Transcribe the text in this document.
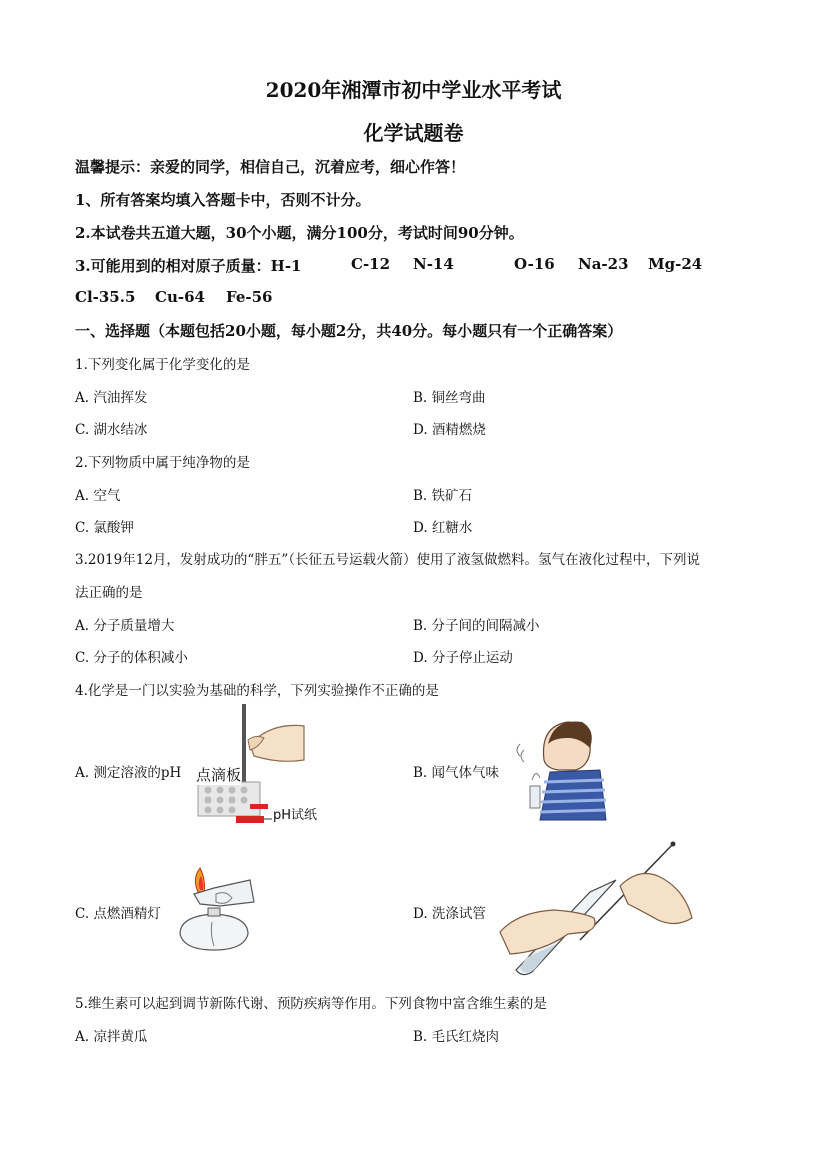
2020年湘潭市初中学业水平考试
化学试题卷
温馨提示：亲爱的同学，相信自己，沉着应考，细心作答！
1、所有答案均填入答题卡中，否则不计分。
2.本试卷共五道大题，30个小题，满分100分，考试时间90分钟。
3.可能用到的相对原子质量：H-1	C-12 N-14	O-16 Na-23 Mg-24
Cl-35.5 Cu-64 Fe-56
一、选择题（本题包括20小题，每小题2分，共40分。每小题只有一个正确答案）
1.下列变化属于化学变化的是
A. 汽油挥发	B. 铜丝弯曲
C. 湖水结冰	D. 酒精燃烧
2.下列物质中属于纯净物的是
A. 空气	B. 铁矿石
C. 氯酸钾	D. 红糖水
3.2019年12月，发射成功的“胖五”（长征五号运载火箭）使用了液氢做燃料。氢气在液化过程中，下列说
法正确的是
A. 分子质量增大	B. 分子间的间隔减小
C. 分子的体积减小	D. 分子停止运动
4.化学是一门以实验为基础的科学，下列实验操作不正确的是
A. 测定溶液的pH	B. 闻气体气味
C. 点燃酒精灯	D. 洗涤试管
点滴板
pH试纸
5.维生素可以起到调节新陈代谢、预防疾病等作用。下列食物中富含维生素的是
A. 凉拌黄瓜	B. 毛氏红烧肉
